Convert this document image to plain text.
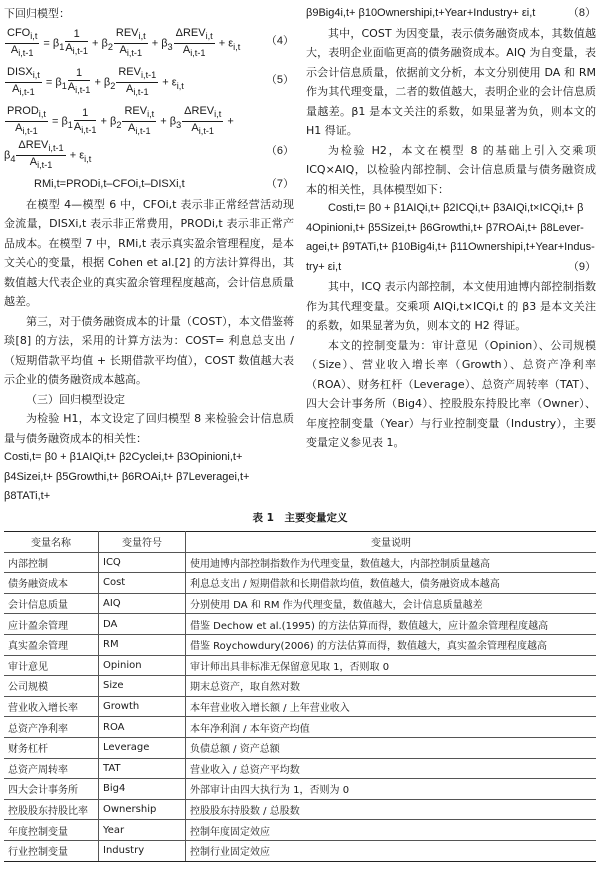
下回归模型：

$\frac{CFO_{i,t}}{A_{i,t-1}} = \beta_1 \frac{1}{A_{i,t-1}} + \beta_2 \frac{REV_{i,t}}{A_{i,t-1}} + \beta_3 \frac{\Delta REV_{i,t}}{A_{i,t-1}} + \varepsilon_{i,t}$ （4）
$\frac{DISX_{i,t}}{A_{i,t-1}} = \beta_1 \frac{1}{A_{i,t-1}} + \beta_2 \frac{REV_{i,t-1}}{A_{i,t-1}} + \varepsilon_{i,t}$	（5）
$\frac{PROD_{i,t}}{A_{i,t-1}} = \beta_1 \frac{1}{A_{i,t-1}} + \beta_2 \frac{REV_{i,t}}{A_{i,t-1}} + \beta_3 \frac{\Delta REV_{i,t}}{A_{i,t-1}}$ +
$\beta_4 \frac{\Delta REV_{i,t-1}}{A_{i,t-1}} + \varepsilon_{i,t}$
（6）
RMi,t=PRODi,t–CFOi,t–DISXi,t	（7）

在模型 4—模型 6 中，CFOi,t 表示非正常经营活动现金流量，DISXi,t 表示非正常费用，PRODi,t 表示非正常产品成本。在模型 7 中，RMi,t 表示真实盈余管理程度，是本文关心的变量，根据 Cohen et al.[2] 的方法计算得出，其数值越大代表企业的真实盈余管理程度越高，会计信息质量越差。

第三，对于债务融资成本的计量（COST），本文借鉴蒋琰[8] 的方法，采用的计算方法为：COST= 利息总支出 /（短期借款平均值 + 长期借款平均值），COST 数值越大表示企业的债务融资成本越高。

（三）回归模型设定

为检验 H1，本文设定了回归模型 8 来检验会计信息质量与债务融资成本的相关性：

Costi,t= β0 + β1AIQi,t+ β2Cyclei,t+ β3Opinioni,t+

β4Sizei,t+ β5Growthi,t+ β6ROAi,t+ β7Leveragei,t+ β8TATi,t+

β9Big4i,t+ β10Ownershipi,t+Year+Industry+ εi,t	（8）

其中，COST 为因变量，表示债务融资成本，其数值越大，表明企业面临更高的债务融资成本。AIQ 为自变量，表示会计信息质量，依据前文分析，本文分别使用 DA 和 RM 作为其代理变量，二者的数值越大，表明企业的会计信息质量越差。β1 是本文关注的系数，如果显著为负，则本文的 H1 得证。

为检验 H2，本文在模型 8 的基础上引入交乘项 ICQ×AIQ，以检验内部控制、会计信息质量与债务融资成本的相关性，具体模型如下：

Costi,t= β0 + β1AIQi,t+ β2ICQi,t+ β3AIQi,t×ICQi,t+ β

4Opinioni,t+ β5Sizei,t+ β6Growthi,t+ β7ROAi,t+ β8Lever-

agei,t+ β9TATi,t+ β10Big4i,t+ β11Ownershipi,t+Year+Indus-

try+ εi,t	（9）

其中，ICQ 表示内部控制，本文使用迪博内部控制指数作为其代理变量。交乘项 AIQi,t×ICQi,t 的 β3 是本文关注的系数，如果显著为负，则本文的 H2 得证。

本文的控制变量为：审计意见（Opinion）、公司规模（Size）、营业收入增长率（Growth）、总资产净利率（ROA）、财务杠杆（Leverage）、总资产周转率（TAT）、四大会计事务所（Big4）、控股股东持股比率（Owner）、年度控制变量（Year）与行业控制变量（Industry），主要变量定义参见表 1。

表 1　主要变量定义
变量名称	变量符号	变量说明
内部控制	ICQ	使用迪博内部控制指数作为代理变量，数值越大，内部控制质量越高
债务融资成本	Cost	利息总支出 / 短期借款和长期借款均值，数值越大，债务融资成本越高
会计信息质量	AIQ	分别使用 DA 和 RM 作为代理变量，数值越大，会计信息质量越差
应计盈余管理	DA	借鉴 Dechow et al.(1995) 的方法估算而得，数值越大，应计盈余管理程度越高
真实盈余管理	RM	借鉴 Roychowdury(2006) 的方法估算而得，数值越大，真实盈余管理程度越高
审计意见	Opinion	审计师出具非标准无保留意见取 1，否则取 0
公司规模	Size	期末总资产，取自然对数
营业收入增长率	Growth	本年营业收入增长额 / 上年营业收入
总资产净利率	ROA	本年净利润 / 本年资产均值
财务杠杆	Leverage	负债总额 / 资产总额
总资产周转率	TAT	营业收入 / 总资产平均数
四大会计事务所	Big4	外部审计由四大执行为 1，否则为 0
控股股东持股比率	Ownership	控股股东持股数 / 总股数
年度控制变量	Year	控制年度固定效应
行业控制变量	Industry	控制行业固定效应
